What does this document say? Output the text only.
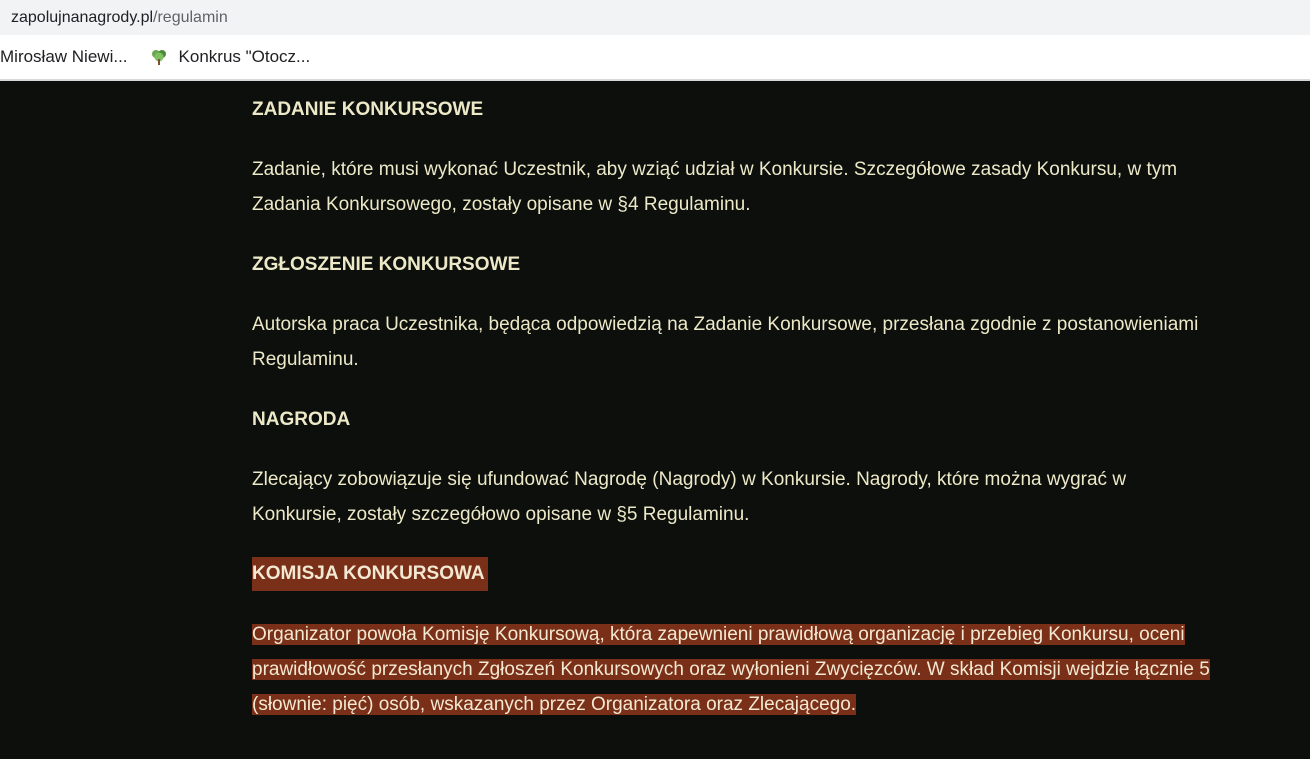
zapolujnanagrody.pl /regulamin
Mirosław Niewi...	Konkrus "Otocz...
ZADANIE KONKURSOWE
Zadanie, które musi wykonać Uczestnik, aby wziąć udział w Konkursie. Szczegółowe zasady Konkursu, w tym Zadania Konkursowego, zostały opisane w §4 Regulaminu.
ZGŁOSZENIE KONKURSOWE
Autorska praca Uczestnika, będąca odpowiedzią na Zadanie Konkursowe, przesłana zgodnie z postanowieniami Regulaminu.
NAGRODA
Zlecający zobowiązuje się ufundować Nagrodę (Nagrody) w Konkursie. Nagrody, które można wygrać w Konkursie, zostały szczegółowo opisane w §5 Regulaminu.
KOMISJA KONKURSOWA
Organizator powoła Komisję Konkursową, która zapewnieni prawidłową organizację i przebieg Konkursu, oceni prawidłowość przesłanych Zgłoszeń Konkursowych oraz wyłonieni Zwycięzców. W skład Komisji wejdzie łącznie 5 (słownie: pięć) osób, wskazanych przez Organizatora oraz Zlecającego.
